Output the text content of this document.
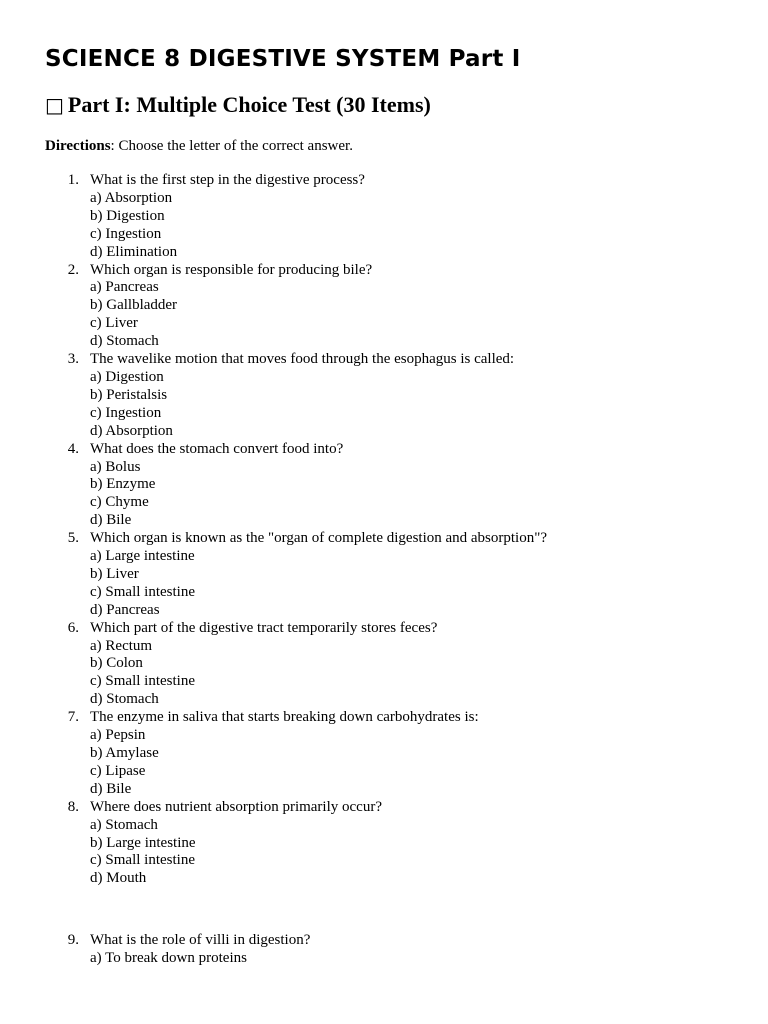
SCIENCE 8 DIGESTIVE SYSTEM Part I
□ Part I: Multiple Choice Test (30 Items)

Directions: Choose the letter of the correct answer.

1. What is the first step in the digestive process?
a) Absorption
b) Digestion
c) Ingestion
d) Elimination
2. Which organ is responsible for producing bile?
a) Pancreas
b) Gallbladder
c) Liver
d) Stomach
3. The wavelike motion that moves food through the esophagus is called:
a) Digestion
b) Peristalsis
c) Ingestion
d) Absorption
4. What does the stomach convert food into?
a) Bolus
b) Enzyme
c) Chyme
d) Bile
5. Which organ is known as the "organ of complete digestion and absorption"?
a) Large intestine
b) Liver
c) Small intestine
d) Pancreas
6. Which part of the digestive tract temporarily stores feces?
a) Rectum
b) Colon
c) Small intestine
d) Stomach
7. The enzyme in saliva that starts breaking down carbohydrates is:
a) Pepsin
b) Amylase
c) Lipase
d) Bile
8. Where does nutrient absorption primarily occur?
a) Stomach
b) Large intestine
c) Small intestine
d) Mouth
9. What is the role of villi in digestion?
a) To break down proteins
